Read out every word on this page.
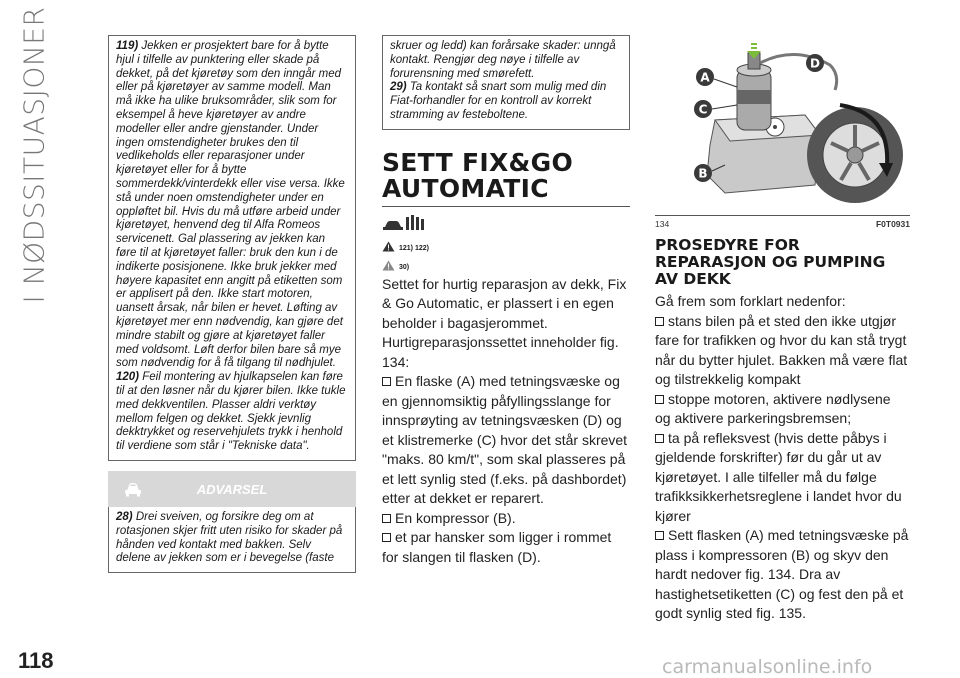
I NØDSSITUASJONER	119) Jekken er prosjektert bare for å bytte hjul i tilfelle av punktering eller skade på dekket, på det kjøretøy som den inngår med eller på kjøretøyer av samme modell. Man må ikke ha ulike bruksområder, slik som for eksempel å heve kjøretøyer av andre modeller eller andre gjenstander. Under ingen omstendigheter brukes den til vedlikeholds eller reparasjoner under kjøretøyet eller for å bytte sommerdekk/vinterdekk eller vise versa. Ikke stå under noen omstendigheter under en oppløftet bil. Hvis du må utføre arbeid under kjøretøyet, henvend deg til Alfa Romeos servicenett. Gal plassering av jekken kan føre til at kjøretøyet faller: bruk den kun i de indikerte posisjonene. Ikke bruk jekker med høyere kapasitet enn angitt på etiketten som er applisert på den. Ikke start motoren, uansett årsak, når bilen er hevet. Løfting av kjøretøyet mer enn nødvendig, kan gjøre det mindre stabilt og gjøre at kjøretøyet faller med voldsomt. Løft derfor bilen bare så mye som nødvendig for å få tilgang til nødhjulet.

120) Feil montering av hjulkapselen kan føre til at den løsner når du kjører bilen. Ikke tukle med dekkventilen. Plasser aldri verktøy mellom felgen og dekket. Sjekk jevnlig dekktrykket og reservehjulets trykk i henhold til verdiene som står i "Tekniske data".

ADVARSEL

28) Drei sveiven, og forsikre deg om at rotasjonen skjer fritt uten risiko for skader på hånden ved kontakt med bakken. Selv delene av jekken som er i bevegelse (faste

skruer og ledd) kan forårsake skader: unngå kontakt. Rengjør deg nøye i tilfelle av forurensning med smørefett.

29) Ta kontakt så snart som mulig med din Fiat-forhandler for en kontroll av korrekt stramming av festeboltene.

SETT FIX&GO AUTOMATIC
121) 122)
30)

Settet for hurtig reparasjon av dekk, Fix & Go Automatic, er plassert i en egen beholder i bagasjerommet.

Hurtigreparasjonssettet inneholder fig. 134:

En flaske (A) med tetningsvæske og en gjennomsiktig påfyllingsslange for innsprøyting av tetningsvæsken (D) og et klistremerke (C) hvor det står skrevet "maks. 80 km/t", som skal plasseres på et lett synlig sted (f.eks. på dashbordet) etter at dekket er reparert.

En kompressor (B).

et par hansker som ligger i rommet for slangen til flasken (D).

A
C
B
D
134	F0T0931
PROSEDYRE FOR REPARASJON OG PUMPING AV DEKK

Gå frem som forklart nedenfor:

stans bilen på et sted den ikke utgjør fare for trafikken og hvor du kan stå trygt når du bytter hjulet. Bakken må være flat og tilstrekkelig kompakt

stoppe motoren, aktivere nødlysene og aktivere parkeringsbremsen;

ta på refleksvest (hvis dette påbys i gjeldende forskrifter) før du går ut av kjøretøyet. I alle tilfeller må du følge trafikksikkerhetsreglene i landet hvor du kjører

Sett flasken (A) med tetningsvæske på plass i kompressoren (B) og skyv den hardt nedover fig. 134. Dra av hastighetsetiketten (C) og fest den på et godt synlig sted fig. 135.

118	carmanualsonline.info
